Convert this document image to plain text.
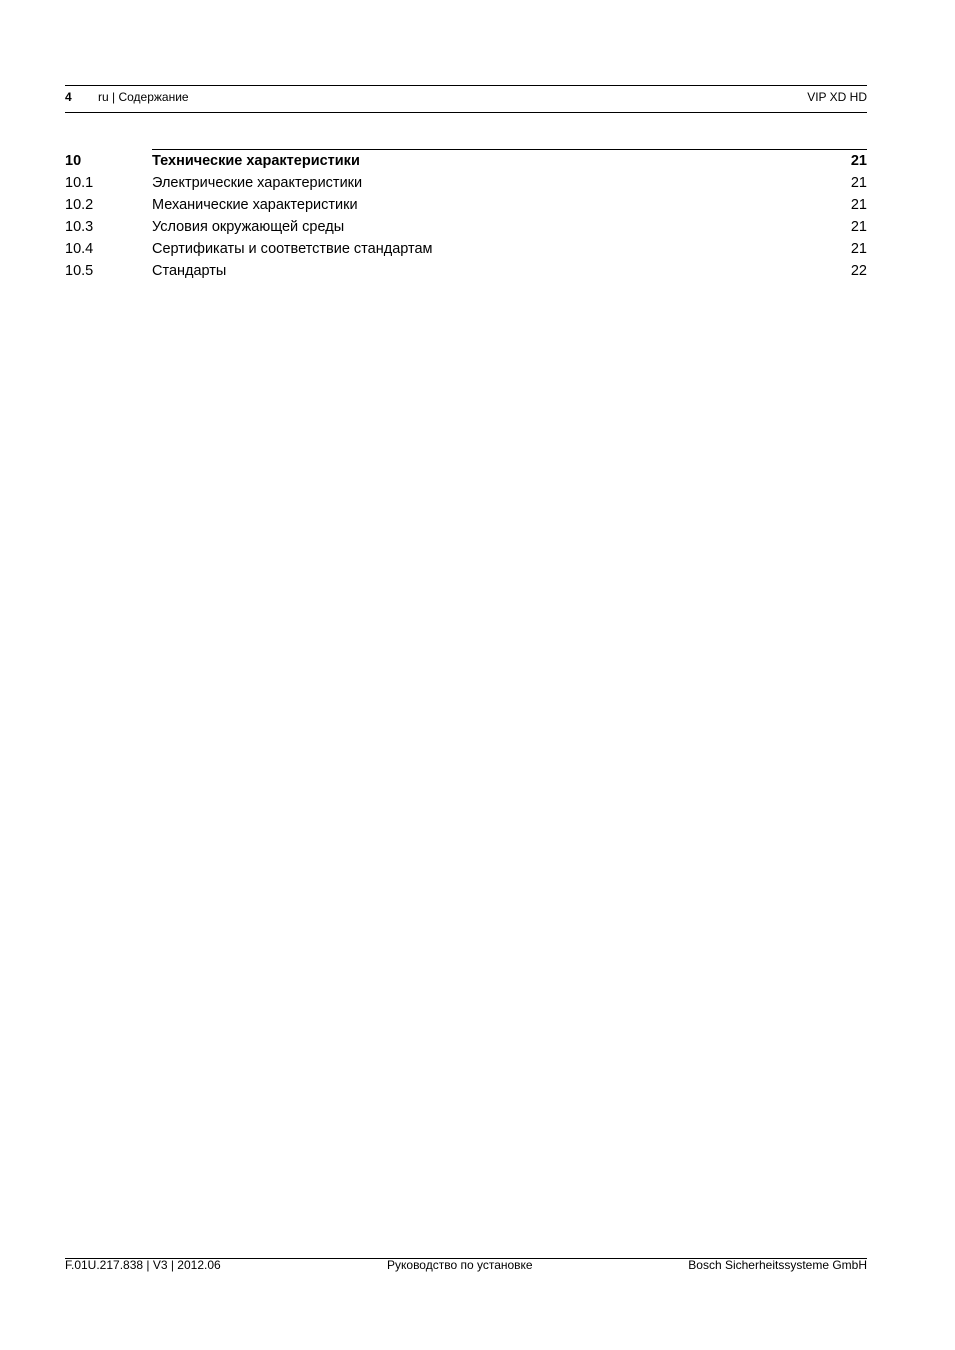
4 ru | Содержание	VIP XD HD
10	Технические характеристики	21
10.1	Электрические характеристики	21
10.2	Механические характеристики	21
10.3	Условия окружающей среды	21
10.4	Сертификаты и соответствие стандартам	21
10.5	Стандарты	22
F.01U.217.838 | V3 | 2012.06	Руководство по установке	Bosch Sicherheitssysteme GmbH
